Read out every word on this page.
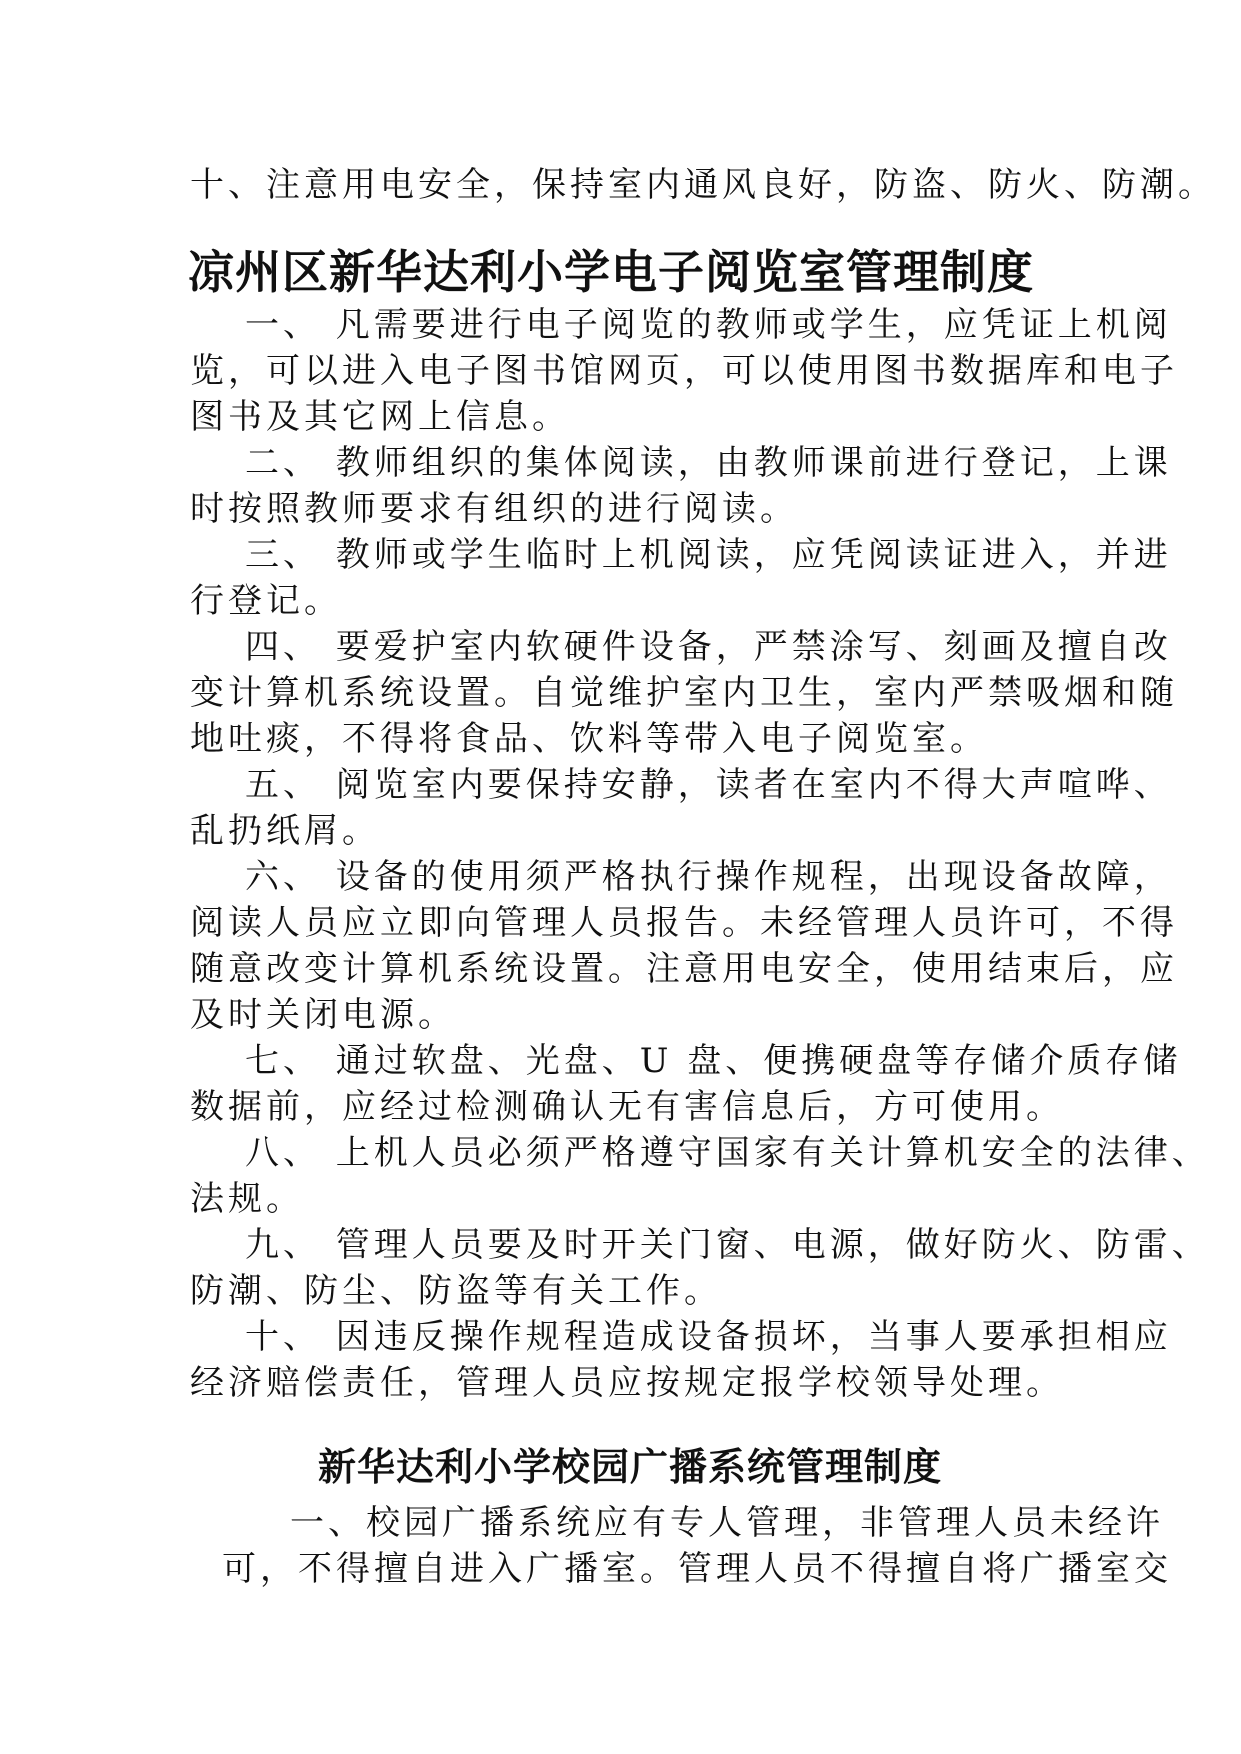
十、注意用电安全，保持室内通风良好，防盗、防火、防潮。
凉州区新华达利小学电子阅览室管理制度
一、 凡需要进行电子阅览的教师或学生，应凭证上机阅
览，可以进入电子图书馆网页，可以使用图书数据库和电子
图书及其它网上信息。
二、 教师组织的集体阅读，由教师课前进行登记，上课
时按照教师要求有组织的进行阅读。
三、 教师或学生临时上机阅读，应凭阅读证进入，并进
行登记。
四、 要爱护室内软硬件设备，严禁涂写、刻画及擅自改
变计算机系统设置。自觉维护室内卫生，室内严禁吸烟和随
地吐痰，不得将食品、饮料等带入电子阅览室。
五、 阅览室内要保持安静，读者在室内不得大声喧哗、
乱扔纸屑。
六、 设备的使用须严格执行操作规程，出现设备故障，
阅读人员应立即向管理人员报告。未经管理人员许可，不得
随意改变计算机系统设置。注意用电安全，使用结束后，应
及时关闭电源。
七、 通过软盘、光盘、U 盘、便携硬盘等存储介质存储
数据前，应经过检测确认无有害信息后，方可使用。
八、 上机人员必须严格遵守国家有关计算机安全的法律、
法规。
九、 管理人员要及时开关门窗、电源，做好防火、防雷、
防潮、防尘、防盗等有关工作。
十、 因违反操作规程造成设备损坏，当事人要承担相应
经济赔偿责任，管理人员应按规定报学校领导处理。
新华达利小学校园广播系统管理制度
一、校园广播系统应有专人管理，非管理人员未经许
可，不得擅自进入广播室。管理人员不得擅自将广播室交
